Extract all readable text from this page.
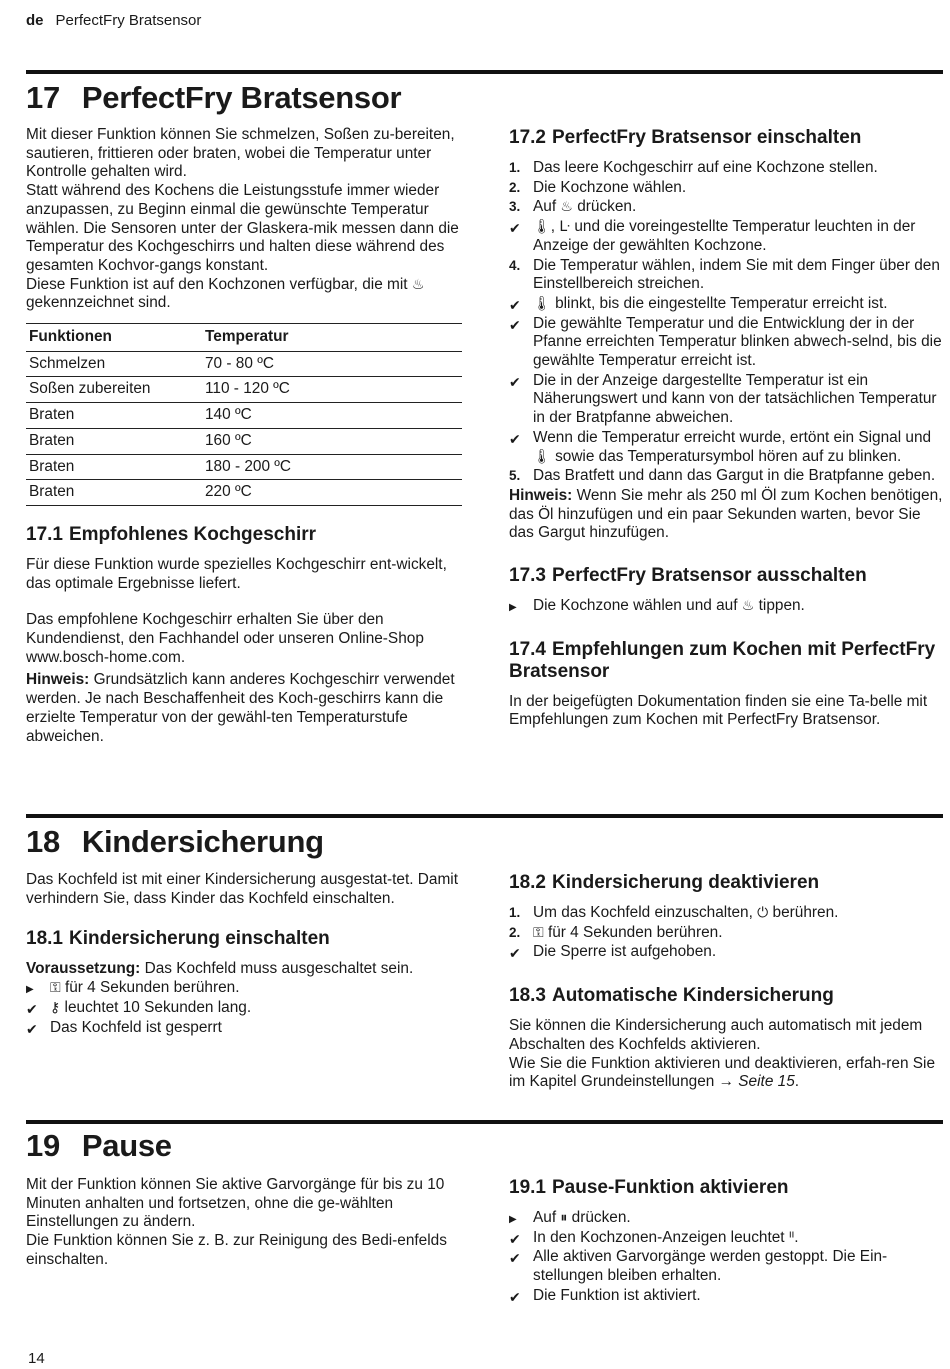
de PerfectFry Bratsensor
17 PerfectFry Bratsensor

Mit dieser Funktion können Sie schmelzen, Soßen zu-bereiten, sautieren, frittieren oder braten, wobei die Temperatur unter Kontrolle gehalten wird.

Statt während des Kochens die Leistungsstufe immer wieder anzupassen, zu Beginn einmal die gewünschte Temperatur wählen. Die Sensoren unter der Glaskera-mik messen dann die Temperatur des Kochgeschirrs und halten diese während des gesamten Kochvor-gangs konstant.

Diese Funktion ist auf den Kochzonen verfügbar, die mit ♨ gekennzeichnet sind.

Funktionen	Temperatur
Schmelzen	70 - 80 ºC
Soßen zubereiten	110 - 120 ºC
Braten	140 ºC
Braten	160 ºC
Braten	180 - 200 ºC
Braten	220 ºC
17.1 Empfohlenes Kochgeschirr

Für diese Funktion wurde spezielles Kochgeschirr ent-wickelt, das optimale Ergebnisse liefert.

Das empfohlene Kochgeschirr erhalten Sie über den Kundendienst, den Fachhandel oder unseren Online-Shop www.bosch-home.com.

Hinweis: Grundsätzlich kann anderes Kochgeschirr verwendet werden. Je nach Beschaffenheit des Koch-geschirrs kann die erzielte Temperatur von der gewähl-ten Temperaturstufe abweichen.

17.2 PerfectFry Bratsensor einschalten
1. Das leere Kochgeschirr auf eine Kochzone stellen.
2. Die Kochzone wählen.
3. Auf ♨ drücken.
✔ 🌡, ᒷ und die voreingestellte Temperatur leuchten in der Anzeige der gewählten Kochzone.
4. Die Temperatur wählen, indem Sie mit dem Finger über den Einstellbereich streichen.
✔ 🌡 blinkt, bis die eingestellte Temperatur erreicht ist.
✔ Die gewählte Temperatur und die Entwicklung der in der Pfanne erreichten Temperatur blinken abwech-selnd, bis die gewählte Temperatur erreicht ist.
✔ Die in der Anzeige dargestellte Temperatur ist ein Näherungswert und kann von der tatsächlichen Temperatur in der Bratpfanne abweichen.
✔ Wenn die Temperatur erreicht wurde, ertönt ein Signal und 🌡 sowie das Temperatursymbol hören auf zu blinken.
5. Das Bratfett und dann das Gargut in die Bratpfanne geben.

Hinweis: Wenn Sie mehr als 250 ml Öl zum Kochen benötigen, das Öl hinzufügen und ein paar Sekunden warten, bevor Sie das Gargut hinzufügen.

17.3 PerfectFry Bratsensor ausschalten
▶	Die Kochzone wählen und auf ♨ tippen.
17.4 Empfehlungen zum Kochen mit PerfectFry Bratsensor

In der beigefügten Dokumentation finden sie eine Ta-belle mit Empfehlungen zum Kochen mit PerfectFry Bratsensor.

18 Kindersicherung

Das Kochfeld ist mit einer Kindersicherung ausgestat-tet. Damit verhindern Sie, dass Kinder das Kochfeld einschalten.

18.1 Kindersicherung einschalten

Voraussetzung: Das Kochfeld muss ausgeschaltet sein.

▶	⚿ für 4 Sekunden berühren.
✔ ⚷ leuchtet 10 Sekunden lang.
✔ Das Kochfeld ist gesperrt
18.2 Kindersicherung deaktivieren
1. Um das Kochfeld einzuschalten, ⏻ berühren.
2. ⚿ für 4 Sekunden berühren.
✔ Die Sperre ist aufgehoben.
18.3 Automatische Kindersicherung

Sie können die Kindersicherung auch automatisch mit jedem Abschalten des Kochfelds aktivieren.

Wie Sie die Funktion aktivieren und deaktivieren, erfah-ren Sie im Kapitel Grundeinstellungen → Seite 15.

19 Pause

Mit der Funktion können Sie aktive Garvorgänge für bis zu 10 Minuten anhalten und fortsetzen, ohne die ge-wählten Einstellungen zu ändern.

Die Funktion können Sie z. B. zur Reinigung des Bedi-enfelds einschalten.

19.1 Pause-Funktion aktivieren
▶	Auf ⏸ drücken.
✔ In den Kochzonen-Anzeigen leuchtet ᑊᑊ.
✔ Alle aktiven Garvorgänge werden gestoppt. Die Ein-stellungen bleiben erhalten.
✔ Die Funktion ist aktiviert.
14
